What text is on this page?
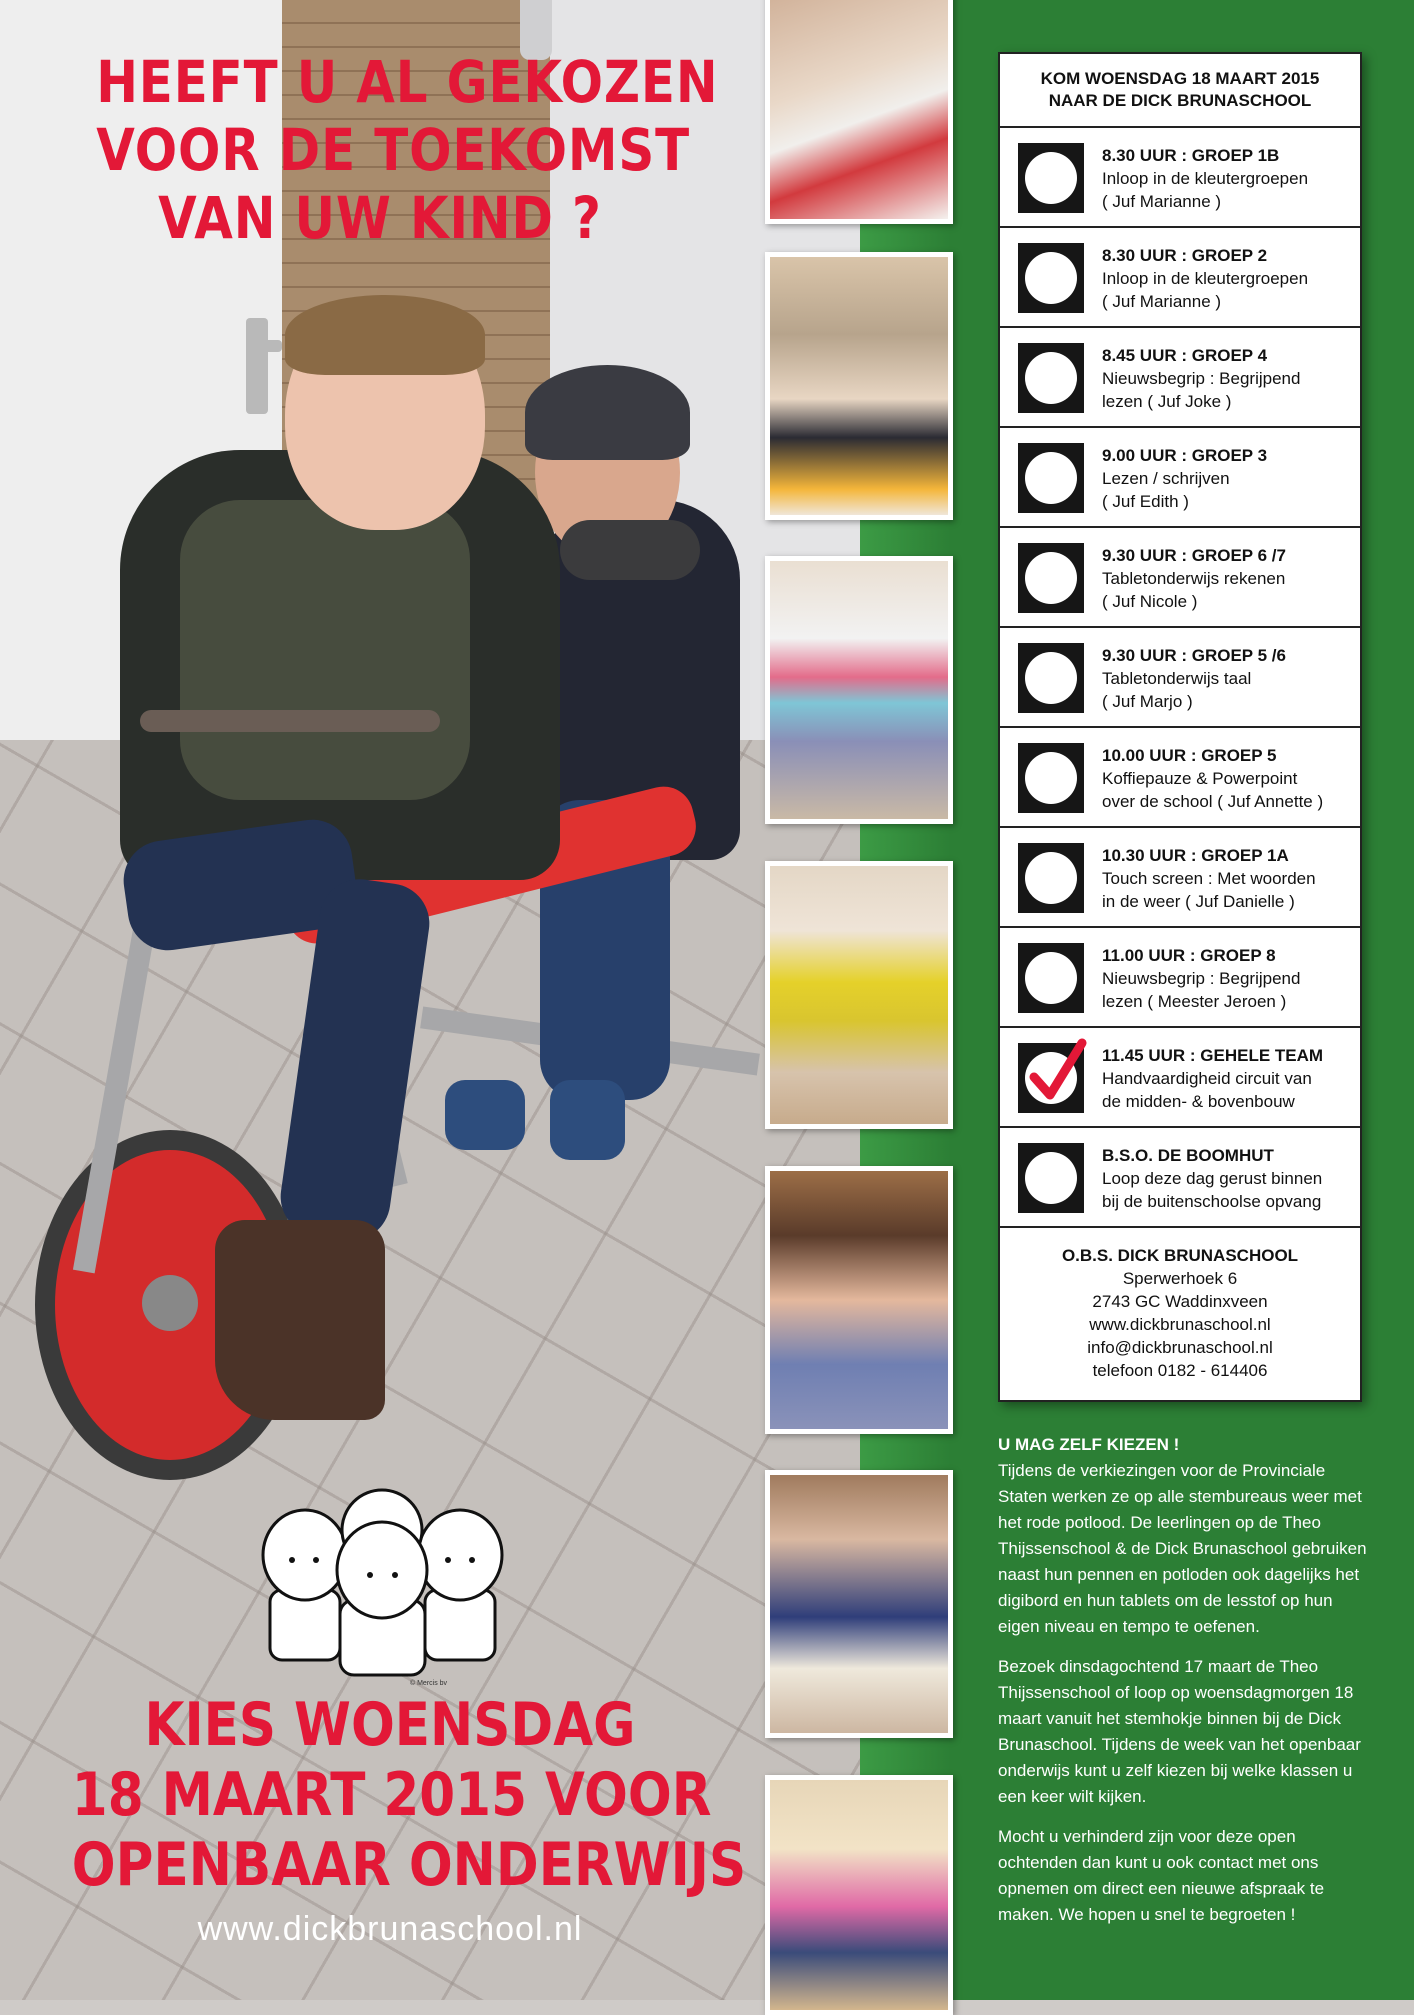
HEEFT U AL GEKOZEN
VOOR DE TOEKOMST
VAN UW KIND ?
© Mercis bv
KIES WOENSDAG
18 MAART 2015 VOOR
OPENBAAR ONDERWIJS
www.dickbrunaschool.nl
KOM WOENSDAG 18 MAART 2015
NAAR DE DICK BRUNASCHOOL
8.30 UUR : GROEP 1B
Inloop in de kleutergroepen
( Juf Marianne )
8.30 UUR : GROEP 2
Inloop in de kleutergroepen
( Juf Marianne )
8.45 UUR : GROEP 4
Nieuwsbegrip : Begrijpend
lezen ( Juf Joke )
9.00 UUR : GROEP 3
Lezen / schrijven
( Juf Edith )
9.30 UUR : GROEP 6 /7
Tabletonderwijs rekenen
( Juf Nicole )
9.30 UUR : GROEP 5 /6
Tabletonderwijs taal
( Juf Marjo )
10.00 UUR : GROEP 5
Koffiepauze & Powerpoint
over de school ( Juf Annette )
10.30 UUR : GROEP 1A
Touch screen : Met woorden
in de weer ( Juf Danielle )
11.00 UUR : GROEP 8
Nieuwsbegrip : Begrijpend
lezen ( Meester Jeroen )
11.45 UUR : GEHELE TEAM
Handvaardigheid circuit van
de midden- & bovenbouw
B.S.O. DE BOOMHUT
Loop deze dag gerust binnen
bij de buitenschoolse opvang
O.B.S. DICK BRUNASCHOOL
Sperwerhoek 6
2743 GC Waddinxveen
www.dickbrunaschool.nl
info@dickbrunaschool.nl
telefoon 0182 - 614406
U MAG ZELF KIEZEN !

Tijdens de verkiezingen voor de Provinciale Staten werken ze op alle stembureaus weer met het rode potlood. De leerlingen op de Theo Thijssenschool & de Dick Brunaschool gebruiken naast hun pennen en potloden ook dagelijks het digibord en hun tablets om de lesstof op hun eigen niveau en tempo te oefenen.

Bezoek dinsdagochtend 17 maart de Theo Thijssenschool of loop op woensdagmorgen 18 maart vanuit het stemhokje binnen bij de Dick Brunaschool. Tijdens de week van het openbaar onderwijs kunt u zelf kiezen bij welke klassen u een keer wilt kijken.

Mocht u verhinderd zijn voor deze open ochtenden dan kunt u ook contact met ons opnemen om direct een nieuwe afspraak te maken. We hopen u snel te begroeten !
